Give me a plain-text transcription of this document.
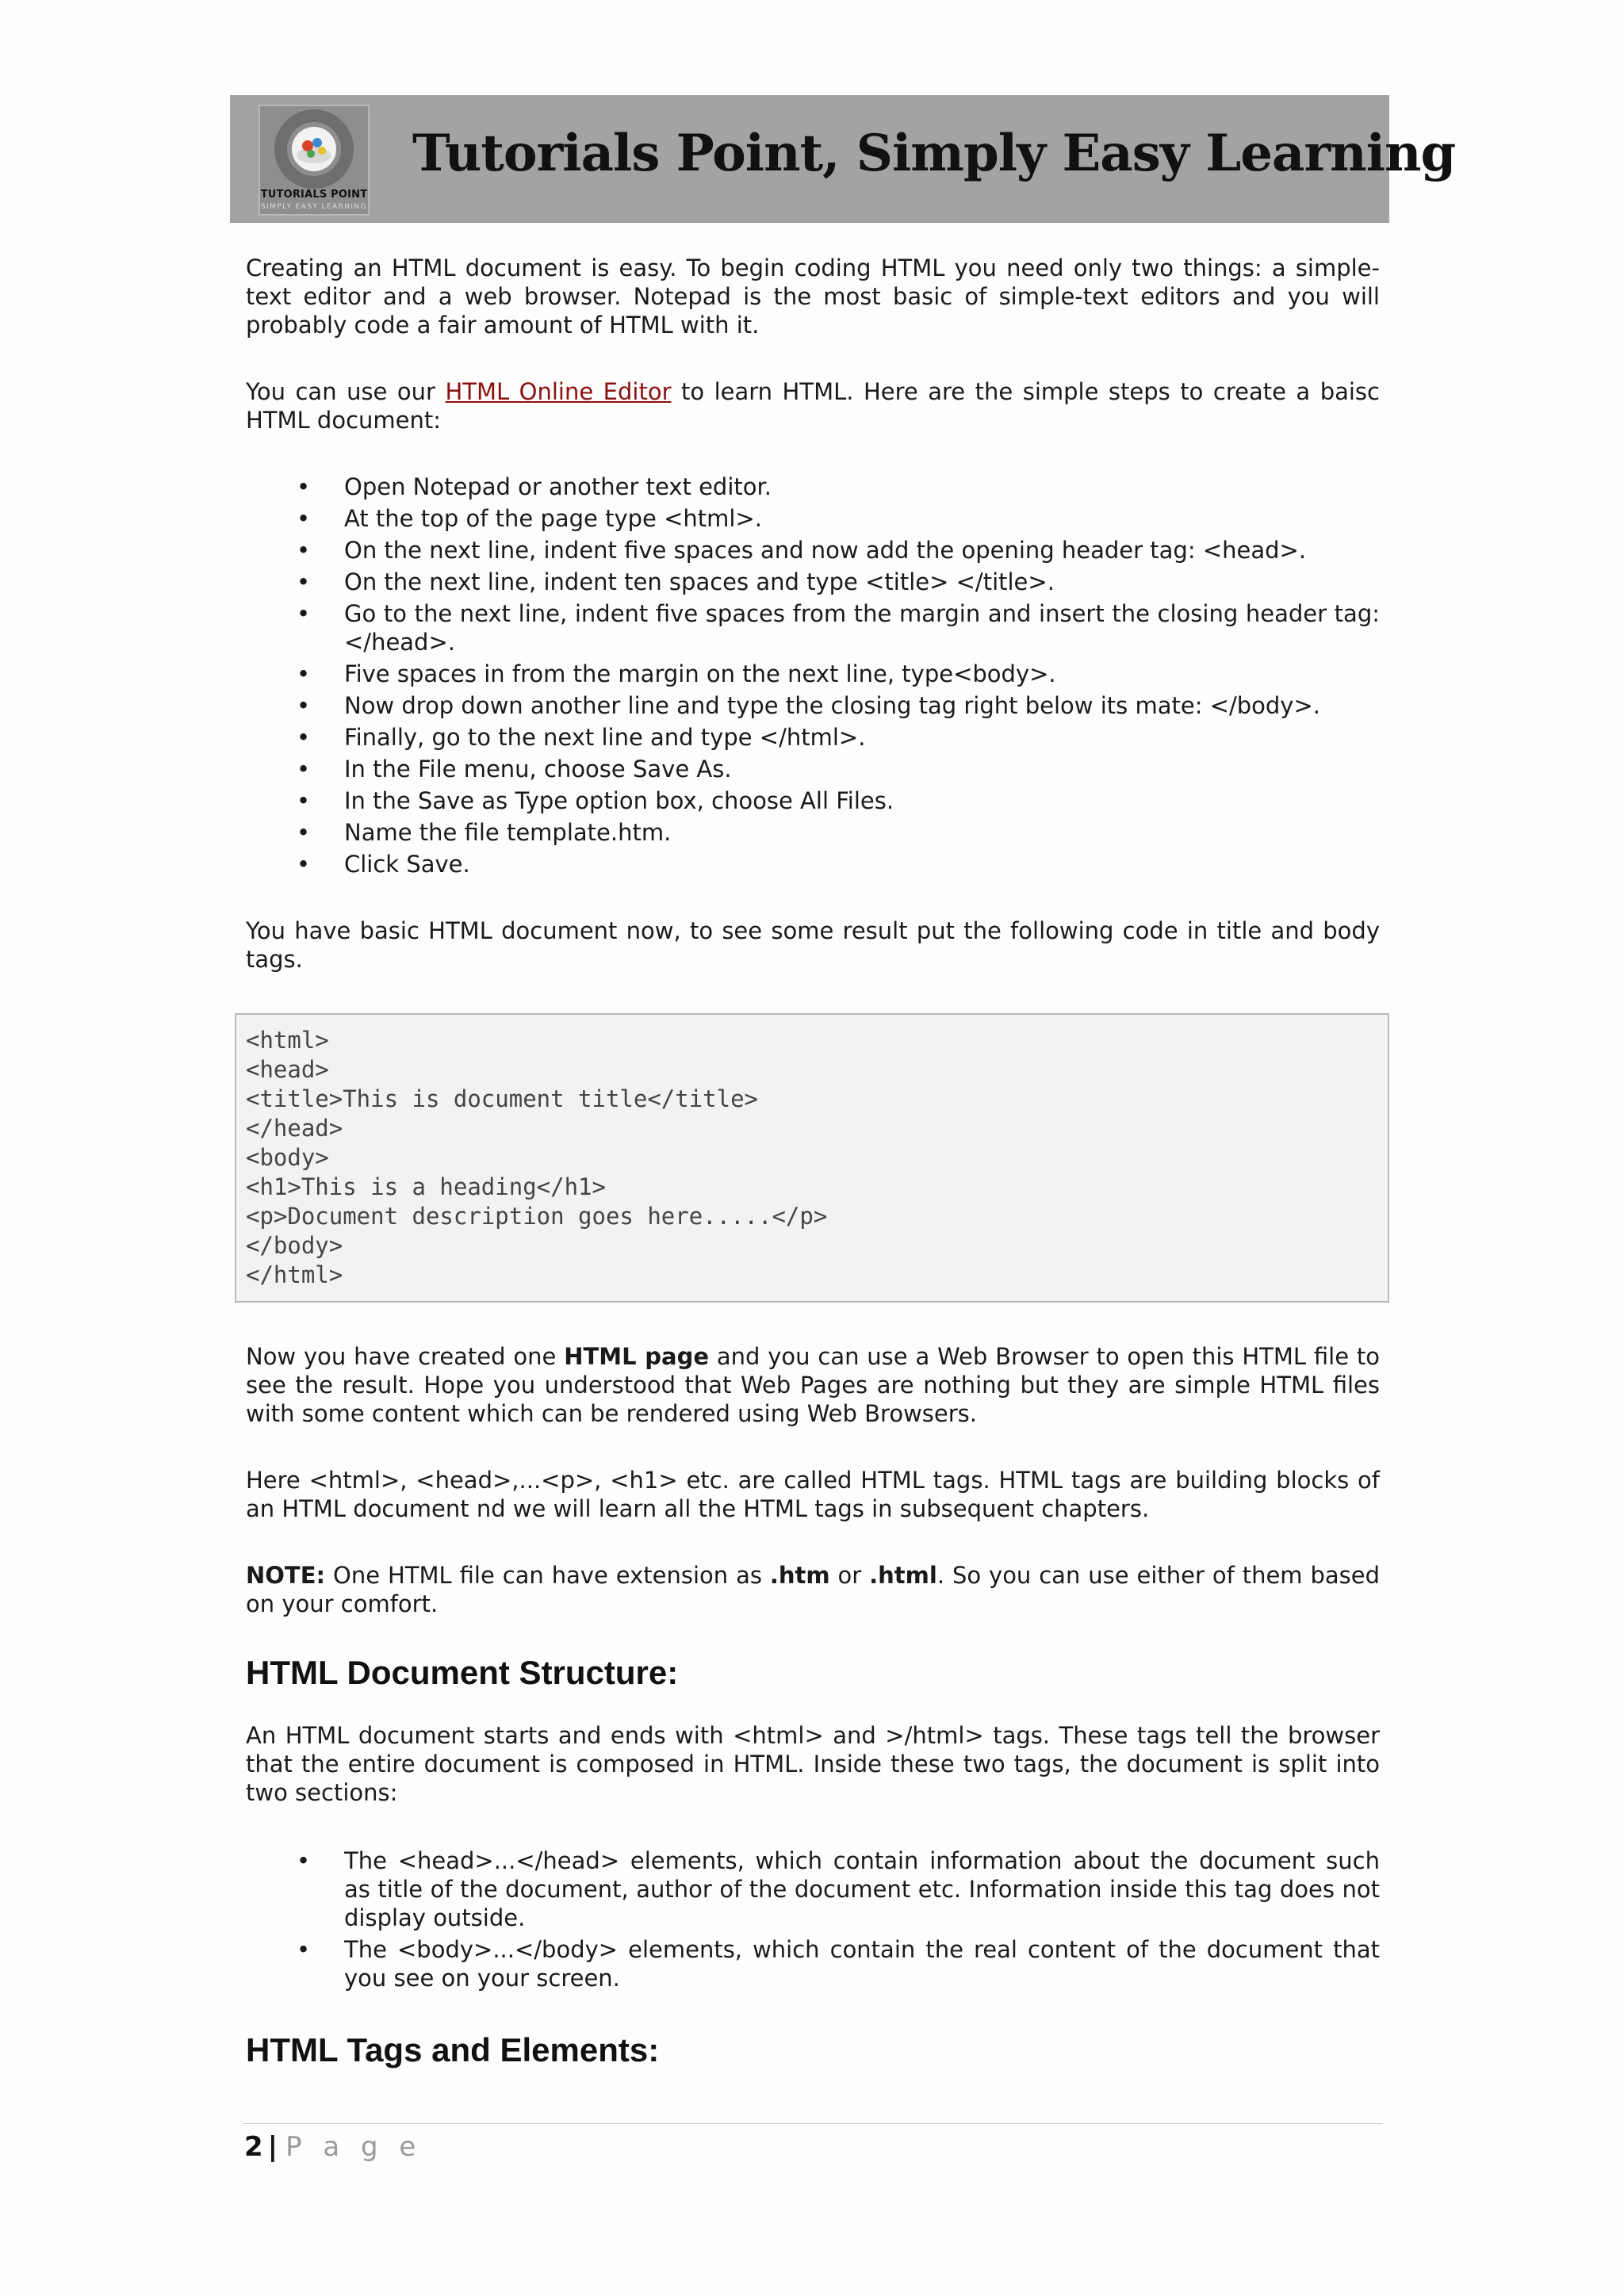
TUTORIALS POINT
SIMPLY EASY LEARNING
Tutorials Point, Simply Easy Learning

Creating an HTML document is easy. To begin coding HTML you need only two things: a simple-text editor and a web browser. Notepad is the most basic of simple-text editors and you will probably code a fair amount of HTML with it.

You can use our HTML Online Editor to learn HTML. Here are the simple steps to create a baisc HTML document:

• Open Notepad or another text editor.
• At the top of the page type <html>.
• On the next line, indent five spaces and now add the opening header tag: <head>.
• On the next line, indent ten spaces and type <title> </title>.
• Go to the next line, indent five spaces from the margin and insert the closing header tag: </head>.
• Five spaces in from the margin on the next line, type<body>.
• Now drop down another line and type the closing tag right below its mate: </body>.
• Finally, go to the next line and type </html>.
• In the File menu, choose Save As.
• In the Save as Type option box, choose All Files.
• Name the file template.htm.
• Click Save.

You have basic HTML document now, to see some result put the following code in title and body tags.

<html>
<head>
<title>This is document title</title>
</head>
<body>
<h1>This is a heading</h1>
<p>Document description goes here.....</p>
</body>
</html>

Now you have created one HTML page and you can use a Web Browser to open this HTML file to see the result. Hope you understood that Web Pages are nothing but they are simple HTML files with some content which can be rendered using Web Browsers.

Here <html>, <head>,...<p>, <h1> etc. are called HTML tags. HTML tags are building blocks of an HTML document nd we will learn all the HTML tags in subsequent chapters.

NOTE: One HTML file can have extension as .htm or .html. So you can use either of them based on your comfort.

HTML Document Structure:

An HTML document starts and ends with <html> and >/html> tags. These tags tell the browser that the entire document is composed in HTML. Inside these two tags, the document is split into two sections:

• The <head>...</head> elements, which contain information about the document such as title of the document, author of the document etc. Information inside this tag does not display outside.
• The <body>...</body> elements, which contain the real content of the document that you see on your screen.
HTML Tags and Elements:
2 | P a g e
